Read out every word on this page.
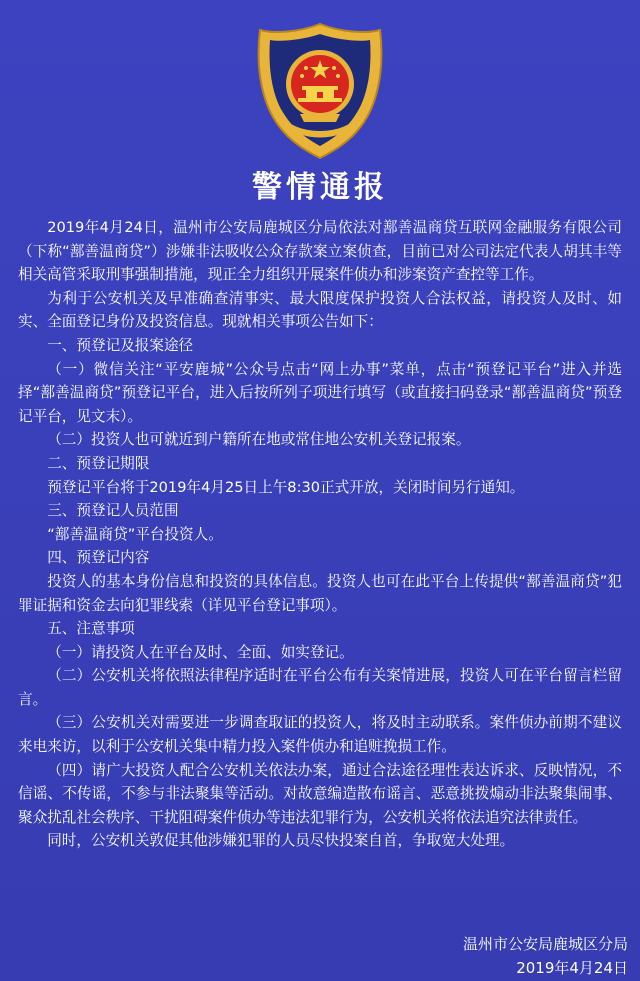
警情通报

2019年4月24日，温州市公安局鹿城区分局依法对鄯善温商贷互联网金融服务有限公司（下称“鄯善温商贷”）涉嫌非法吸收公众存款案立案侦查，目前已对公司法定代表人胡其丰等相关高管采取刑事强制措施，现正全力组织开展案件侦办和涉案资产查控等工作。

为利于公安机关及早准确查清事实、最大限度保护投资人合法权益，请投资人及时、如实、全面登记身份及投资信息。现就相关事项公告如下：

一、预登记及报案途径

（一）微信关注“平安鹿城”公众号点击“网上办事”菜单，点击“预登记平台”进入并选择“鄯善温商贷”预登记平台，进入后按所列子项进行填写（或直接扫码登录“鄯善温商贷”预登记平台，见文末）。

（二）投资人也可就近到户籍所在地或常住地公安机关登记报案。

二、预登记期限

预登记平台将于2019年4月25日上午8:30正式开放，关闭时间另行通知。

三、预登记人员范围

“鄯善温商贷”平台投资人。

四、预登记内容

投资人的基本身份信息和投资的具体信息。投资人也可在此平台上传提供“鄯善温商贷”犯罪证据和资金去向犯罪线索（详见平台登记事项）。

五、注意事项

（一）请投资人在平台及时、全面、如实登记。

（二）公安机关将依照法律程序适时在平台公布有关案情进展，投资人可在平台留言栏留言。

（三）公安机关对需要进一步调查取证的投资人，将及时主动联系。案件侦办前期不建议来电来访，以利于公安机关集中精力投入案件侦办和追赃挽损工作。

（四）请广大投资人配合公安机关依法办案，通过合法途径理性表达诉求、反映情况，不信谣、不传谣，不参与非法聚集等活动。对故意编造散布谣言、恶意挑拨煽动非法聚集闹事、聚众扰乱社会秩序、干扰阻碍案件侦办等违法犯罪行为，公安机关将依法追究法律责任。

同时，公安机关敦促其他涉嫌犯罪的人员尽快投案自首，争取宽大处理。

温州市公安局鹿城区分局
2019年4月24日
